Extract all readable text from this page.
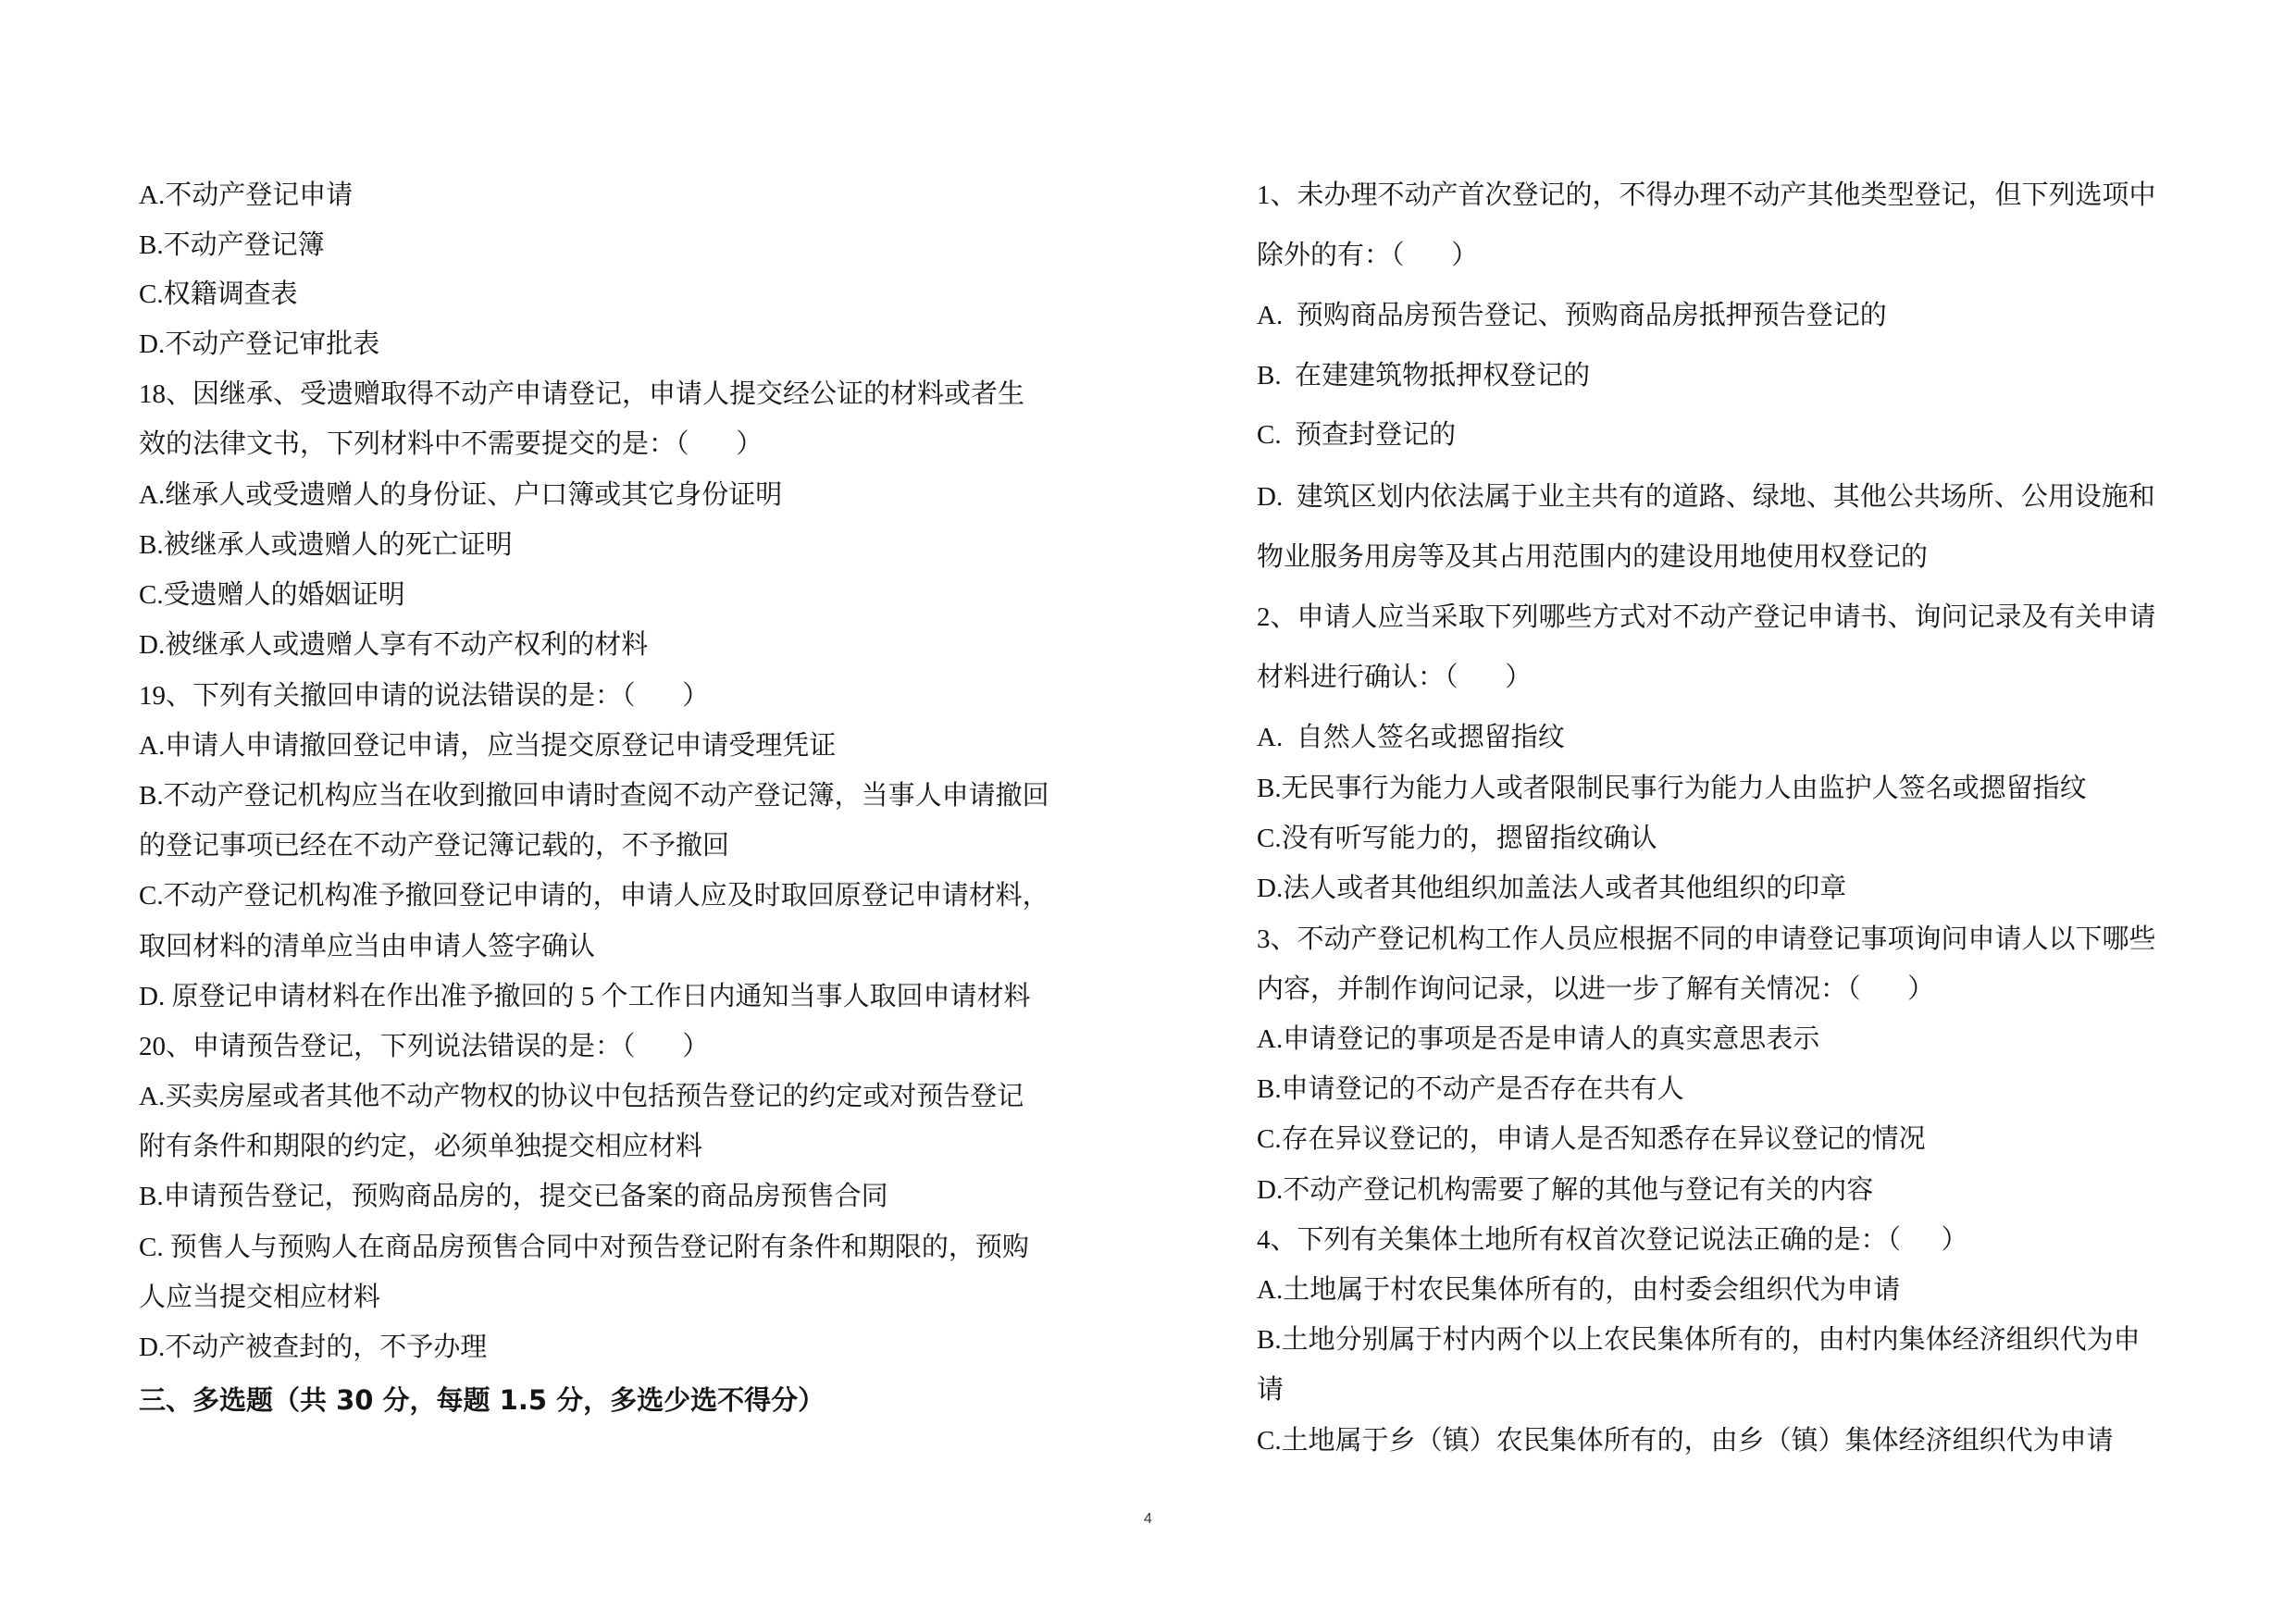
A.不动产登记申请
B.不动产登记簿
C.权籍调查表
D.不动产登记审批表
18、因继承、受遗赠取得不动产申请登记，申请人提交经公证的材料或者生
效的法律文书，下列材料中不需要提交的是：（       ）
A.继承人或受遗赠人的身份证、户口簿或其它身份证明
B.被继承人或遗赠人的死亡证明
C.受遗赠人的婚姻证明
D.被继承人或遗赠人享有不动产权利的材料
19、下列有关撤回申请的说法错误的是：（       ）
A.申请人申请撤回登记申请，应当提交原登记申请受理凭证
B.不动产登记机构应当在收到撤回申请时查阅不动产登记簿，当事人申请撤回
的登记事项已经在不动产登记簿记载的，不予撤回
C.不动产登记机构准予撤回登记申请的，申请人应及时取回原登记申请材料，
取回材料的清单应当由申请人签字确认
D. 原登记申请材料在作出准予撤回的 5 个工作日内通知当事人取回申请材料
20、申请预告登记，下列说法错误的是：（       ）
A.买卖房屋或者其他不动产物权的协议中包括预告登记的约定或对预告登记
附有条件和期限的约定，必须单独提交相应材料
B.申请预告登记，预购商品房的，提交已备案的商品房预售合同
C. 预售人与预购人在商品房预售合同中对预告登记附有条件和期限的，预购
人应当提交相应材料
D.不动产被查封的，不予办理
三、多选题（共 30 分，每题 1.5 分，多选少选不得分）
1、未办理不动产首次登记的，不得办理不动产其他类型登记，但下列选项中
除外的有：（       ）
A.  预购商品房预告登记、预购商品房抵押预告登记的
B.  在建建筑物抵押权登记的
C.  预查封登记的
D.  建筑区划内依法属于业主共有的道路、绿地、其他公共场所、公用设施和
物业服务用房等及其占用范围内的建设用地使用权登记的
2、申请人应当采取下列哪些方式对不动产登记申请书、询问记录及有关申请
材料进行确认：（       ）
A.  自然人签名或摁留指纹
B.无民事行为能力人或者限制民事行为能力人由监护人签名或摁留指纹
C.没有听写能力的，摁留指纹确认
D.法人或者其他组织加盖法人或者其他组织的印章
3、不动产登记机构工作人员应根据不同的申请登记事项询问申请人以下哪些
内容，并制作询问记录，以进一步了解有关情况：（       ）
A.申请登记的事项是否是申请人的真实意思表示
B.申请登记的不动产是否存在共有人
C.存在异议登记的，申请人是否知悉存在异议登记的情况
D.不动产登记机构需要了解的其他与登记有关的内容
4、下列有关集体土地所有权首次登记说法正确的是：（      ）
A.土地属于村农民集体所有的，由村委会组织代为申请
B.土地分别属于村内两个以上农民集体所有的，由村内集体经济组织代为申
请
C.土地属于乡（镇）农民集体所有的，由乡（镇）集体经济组织代为申请
4
